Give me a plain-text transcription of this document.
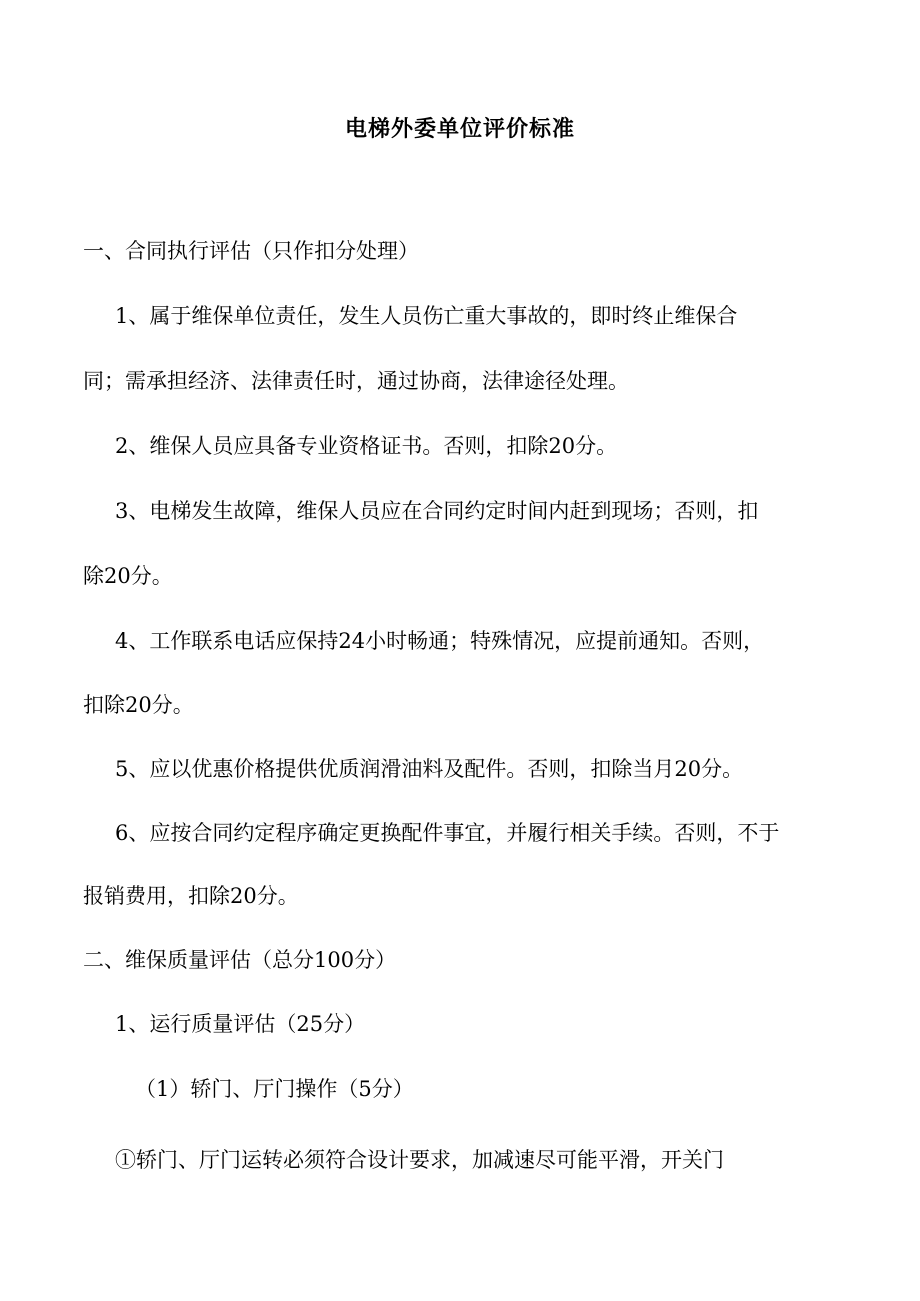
电梯外委单位评价标准
一、合同执行评估（只作扣分处理）
1、属于维保单位责任，发生人员伤亡重大事故的，即时终止维保合
同；需承担经济、法律责任时，通过协商，法律途径处理。
2、维保人员应具备专业资格证书。否则，扣除20分。
3、电梯发生故障，维保人员应在合同约定时间内赶到现场；否则，扣
除20分。
4、工作联系电话应保持24小时畅通；特殊情况，应提前通知。否则，
扣除20分。
5、应以优惠价格提供优质润滑油料及配件。否则，扣除当月20分。
6、应按合同约定程序确定更换配件事宜，并履行相关手续。否则，不于
报销费用，扣除20分。
二、维保质量评估（总分100分）
1、运行质量评估（25分）
（1）轿门、厅门操作（5分）
①轿门、厅门运转必须符合设计要求，加减速尽可能平滑，开关门
